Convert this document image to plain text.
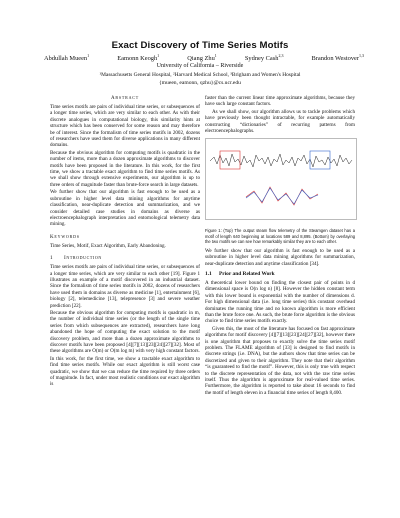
Exact Discovery of Time Series Motifs
Abdullah Mueen$^1$	Eamonn Keogh$^1$	Qiang Zhu$^1$	Sydney Cash$^{2,3}$	Brandon Westover$^{1,3}$
University of California – Riverside
¹Massachusetts General Hospital, ²Harvard Medical School, ³Brigham and Women's Hospital
{mueen, eamonn, qzhu}@cs.ucr.edu
Abstract

Time series motifs are pairs of individual time series, or subsequences of a longer time series, which are very similar to each other. As with their discrete analogues in computational biology, this similarity hints at structure which has been conserved for some reason and may therefore be of interest. Since the formalism of time series motifs in 2002, dozens of researchers have used them for diverse applications in many different domains.

Because the obvious algorithm for computing motifs is quadratic in the number of items, more than a dozen approximate algorithms to discover motifs have been proposed in the literature. In this work, for the first time, we show a tractable exact algorithm to find time series motifs. As we shall show through extensive experiments, our algorithm is up to three orders of magnitude faster than brute-force search in large datasets.

We further show that our algorithm is fast enough to be used as a subroutine in higher level data mining algorithms for anytime classification, near-duplicate detection and summarization, and we consider detailed case studies in domains as diverse as electroencephalograph interpretation and entomological telemetry data mining.

Keywords

Time Series, Motif, Exact Algorithm, Early Abandoning.

1 Introduction

Time series motifs are pairs of individual time series, or subsequences of a longer time series, which are very similar to each other [19]. Figure 1 illustrates an example of a motif discovered in an industrial dataset. Since the formalism of time series motifs in 2002, dozens of researchers have used them in domains as diverse as medicine [1], entertainment [6], biology [2], telemedicine [13], telepresence [3] and severe weather prediction [22].

Because the obvious algorithm for computing motifs is quadratic in m, the number of individual time series (or the length of the single time series from which subsequences are extracted), researchers have long abandoned the hope of computing the exact solution to the motif discovery problem, and more than a dozen approximate algorithms to discover motifs have been proposed [4][7][13][23][24][27][32]. Most of these algorithms are O(m) or O(m log m) with very high constant factors.

In this work, for the first time, we show a tractable exact algorithm to find time series motifs. While our exact algorithm is still worst case quadratic, we show that we can reduce the time required by three orders of magnitude. In fact, under most realistic conditions our exact algorithm is

faster than the current linear time approximate algorithms, because they have such large constant factors.

As we shall show, our algorithm allows us to tackle problems which have previously been thought intractable, for example automatically constructing “dictionaries” of recurring patterns from electroencephalographs.

Figure 1: (Top) The output steam flow telemetry of the Steamgen dataset has a motif of length 640 beginning at locations 589 and 8,895. (Bottom) by overlaying the two motifs we can see how remarkably similar they are to each other.

We further show that our algorithm is fast enough to be used as a subroutine in higher level data mining algorithms for summarization, near-duplicate detection and anytime classification [34].

1.1 Prior and Related Work

A theoretical lower bound on finding the closest pair of points in d dimensional space is O(n log n) [8]. However the hidden constant term with this lower bound is exponential with the number of dimensions d. For high dimensional data (i.e. long time series) this constant overhead dominates the running time and no known algorithm is more efficient than the brute force one. As such, the brute force algorithm is the obvious choice to find time series motifs exactly.

Given this, the most of the literature has focused on fast approximate algorithms for motif discovery [4][7][13][23][24][27][32], however there is one algorithm that proposes to exactly solve the time series motif problem. The FLAME algorithm of [33] is designed to find motifs in discrete strings (i.e. DNA), but the authors show that time series can be discretized and given to their algorithm. They note that their algorithm “is guaranteed to find the motif”. However, this is only true with respect to the discrete representation of the data, not with the raw time series itself. Thus the algorithm is approximate for real-valued time series. Furthermore, the algorithm is reported to take about 16 seconds to find the motif of length eleven in a financial time series of length 8,400.
